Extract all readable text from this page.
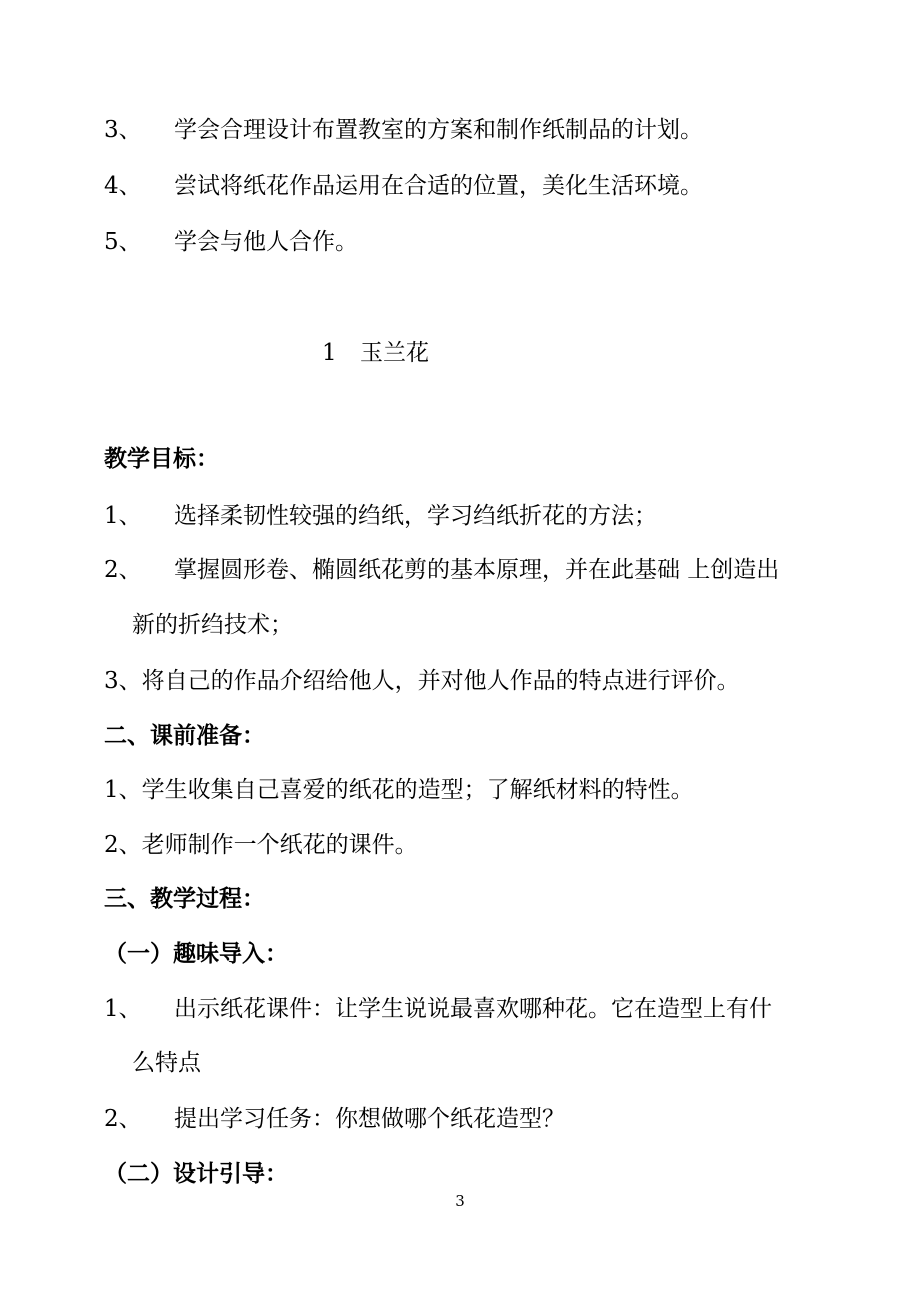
3、 学会合理设计布置教室的方案和制作纸制品的计划。
4、 尝试将纸花作品运用在合适的位置，美化生活环境。
5、 学会与他人合作。
1 玉兰花
教学目标：
1、 选择柔韧性较强的绉纸，学习绉纸折花的方法；
2、 掌握圆形卷、椭圆纸花剪的基本原理，并在此基础 上创造出
新的折绉技术；
3、将自己的作品介绍给他人，并对他人作品的特点进行评价。
二、课前准备：
1、学生收集自己喜爱的纸花的造型；了解纸材料的特性。
2、老师制作一个纸花的课件。
三、教学过程：
（一）趣味导入：
1、 出示纸花课件：让学生说说最喜欢哪种花。它在造型上有什
么特点
2、 提出学习任务：你想做哪个纸花造型？
（二）设计引导：
3
